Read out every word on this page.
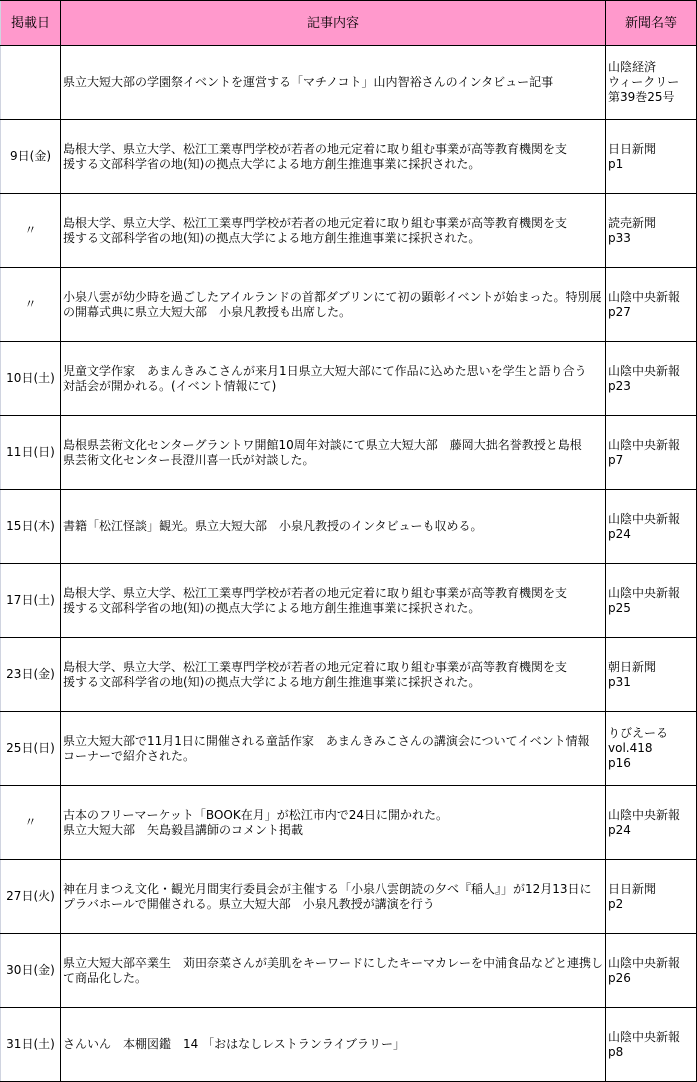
掲載日	記事内容	新聞名等

	県立大短大部の学園祭イベントを運営する「マチノコト」山内智裕さんのインタビュー記事	山陰経済
ウィークリー
第39巻25号

9日(金)	島根大学、県立大学、松江工業専門学校が若者の地元定着に取り組む事業が高等教育機関を支
援する文部科学省の地(知)の拠点大学による地方創生推進事業に採択された。	日日新聞
p1

〃	島根大学、県立大学、松江工業専門学校が若者の地元定着に取り組む事業が高等教育機関を支
援する文部科学省の地(知)の拠点大学による地方創生推進事業に採択された。	読売新聞
p33

〃	小泉八雲が幼少時を過ごしたアイルランドの首都ダブリンにて初の顕彰イベントが始まった。特別展
の開幕式典に県立大短大部　小泉凡教授も出席した。	山陰中央新報
p27

10日(土)	児童文学作家　あまんきみこさんが来月1日県立大短大部にて作品に込めた思いを学生と語り合う
対話会が開かれる。(イベント情報にて)	山陰中央新報
p23

11日(日)	島根県芸術文化センターグラントワ開館10周年対談にて県立大短大部　藤岡大拙名誉教授と島根
県芸術文化センター長澄川喜一氏が対談した。	山陰中央新報
p7

15日(木)	書籍「松江怪談」観光。県立大短大部　小泉凡教授のインタビューも収める。	山陰中央新報
p24

17日(土)	島根大学、県立大学、松江工業専門学校が若者の地元定着に取り組む事業が高等教育機関を支
援する文部科学省の地(知)の拠点大学による地方創生推進事業に採択された。	山陰中央新報
p25

23日(金)	島根大学、県立大学、松江工業専門学校が若者の地元定着に取り組む事業が高等教育機関を支
援する文部科学省の地(知)の拠点大学による地方創生推進事業に採択された。	朝日新聞
p31

25日(日)	県立大短大部で11月1日に開催される童話作家　あまんきみこさんの講演会についてイベント情報
コーナーで紹介された。	りびえーる
vol.418
p16

〃	古本のフリーマーケット「BOOK在月」が松江市内で24日に開かれた。
県立大短大部　矢島毅昌講師のコメント掲載	山陰中央新報
p24

27日(火)	神在月まつえ文化・観光月間実行委員会が主催する「小泉八雲朗読の夕べ『稲人』」が12月13日に
プラバホールで開催される。県立大短大部　小泉凡教授が講演を行う	日日新聞
p2

30日(金)	県立大短大部卒業生　苅田奈菜さんが美肌をキーワードにしたキーマカレーを中浦食品などと連携し
て商品化した。	山陰中央新報
p26

31日(土)	さんいん　本棚図鑑　14 「おはなしレストランライブラリー」	山陰中央新報
p8
